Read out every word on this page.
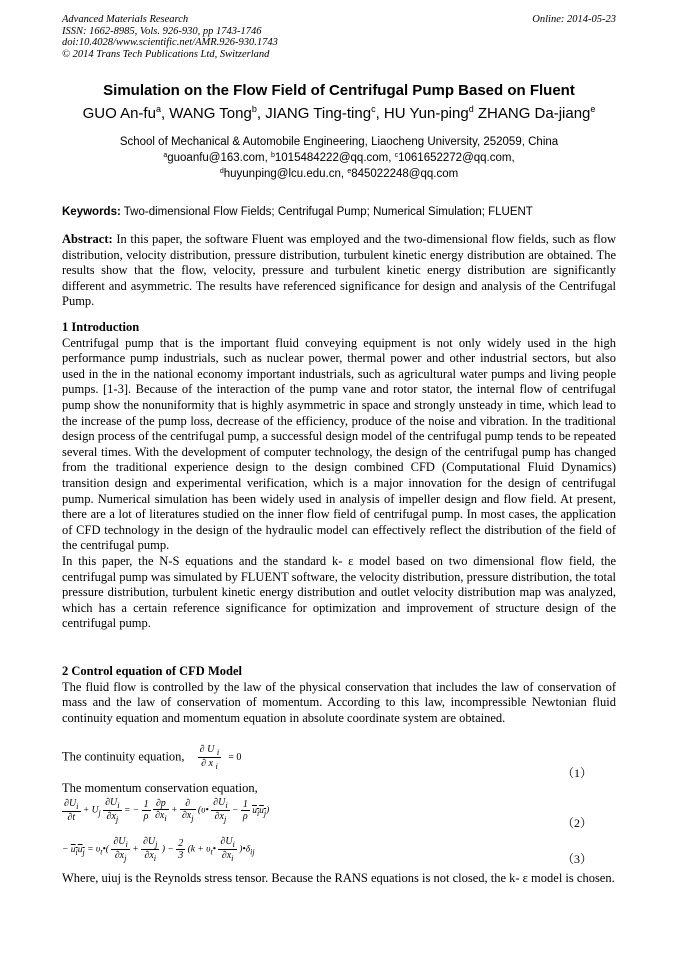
Advanced Materials Research
ISSN: 1662-8985, Vols. 926-930, pp 1743-1746
doi:10.4028/www.scientific.net/AMR.926-930.1743
© 2014 Trans Tech Publications Ltd, Switzerland
Online: 2014-05-23
Simulation on the Flow Field of Centrifugal Pump Based on Fluent
GUO $An-fu^a$, WANG Tong$^b$, JIANG Ting-ting$^c$, HU Yun-ping$^d$ ZHANG Da-jiang$^e$
School of Mechanical & Automobile Engineering, Liaocheng University, 252059, China
$^a$guoanfu@163.com, $^b$1015484222@qq.com, $^c$1061652272@qq.com,
$^d$huyunping@lcu.edu.cn, $^e$845022248@qq.com
Keywords: Two-dimensional Flow Fields; Centrifugal Pump; Numerical Simulation; FLUENT
Abstract: In this paper, the software Fluent was employed and the two-dimensional flow fields, such as flow distribution, velocity distribution, pressure distribution, turbulent kinetic energy distribution are obtained. The results show that the flow, velocity, pressure and turbulent kinetic energy distribution are significantly different and asymmetric. The results have referenced significance for design and analysis of the Centrifugal Pump.
1 Introduction
Centrifugal pump that is the important fluid conveying equipment is not only widely used in the high performance pump industrials, such as nuclear power, thermal power and other industrial sectors, but also used in the in the national economy important industrials, such as agricultural water pumps and living people pumps. [1-3]. Because of the interaction of the pump vane and rotor stator, the internal flow of centrifugal pump show the nonuniformity that is highly asymmetric in space and strongly unsteady in time, which lead to the increase of the pump loss, decrease of the efficiency, produce of the noise and vibration. In the traditional design process of the centrifugal pump, a successful design model of the centrifugal pump tends to be repeated several times. With the development of computer technology, the design of the centrifugal pump has changed from the traditional experience design to the design combined CFD (Computational Fluid Dynamics) transition design and experimental verification, which is a major innovation for the design of centrifugal pump. Numerical simulation has been widely used in analysis of impeller design and flow field. At present, there are a lot of literatures studied on the inner flow field of centrifugal pump. In most cases, the application of CFD technology in the design of the hydraulic model can effectively reflect the distribution of the field of the centrifugal pump.
In this paper, the N-S equations and the standard k- ε model based on two dimensional flow field, the centrifugal pump was simulated by FLUENT software, the velocity distribution, pressure distribution, the total pressure distribution, turbulent kinetic energy distribution and outlet velocity distribution map was analyzed, which has a certain reference significance for optimization and improvement of structure design of the centrifugal pump.
2 Control equation of CFD Model
The fluid flow is controlled by the law of the physical conservation that includes the law of conservation of mass and the law of conservation of momentum. According to this law, incompressible Newtonian fluid continuity equation and momentum equation in absolute coordinate system are obtained.
The continuity equation, $\frac{\partial U _i}{\partial x _i} = 0$
（1）
The momentum conservation equation,
$\frac{\partial U_i}{\partial t} + U_j \frac{\partial U_i}{\partial x_j}$ = − $\frac{1}{\rho}$
$\frac{\partial p}{\partial x_i} + \frac{\partial}{\partial x_j}$ (υ• $\frac{\partial U_i}{\partial x_j} - \frac{1}{\rho} u_iu_j$)
（2）
− $u_iu_j$ = $\upsilon_t•( \frac{\partial U_i}{\partial x_j} + \frac{\partial U_j}{\partial x_i}$ ) − $\frac{2}{3} (k$ + $\upsilon_t• \frac{\partial U_i}{\partial x_i}$ )$•\delta_{ij}$	（3）
Where, uiuj is the Reynolds stress tensor. Because the RANS equations is not closed, the k- ε model is chosen.
